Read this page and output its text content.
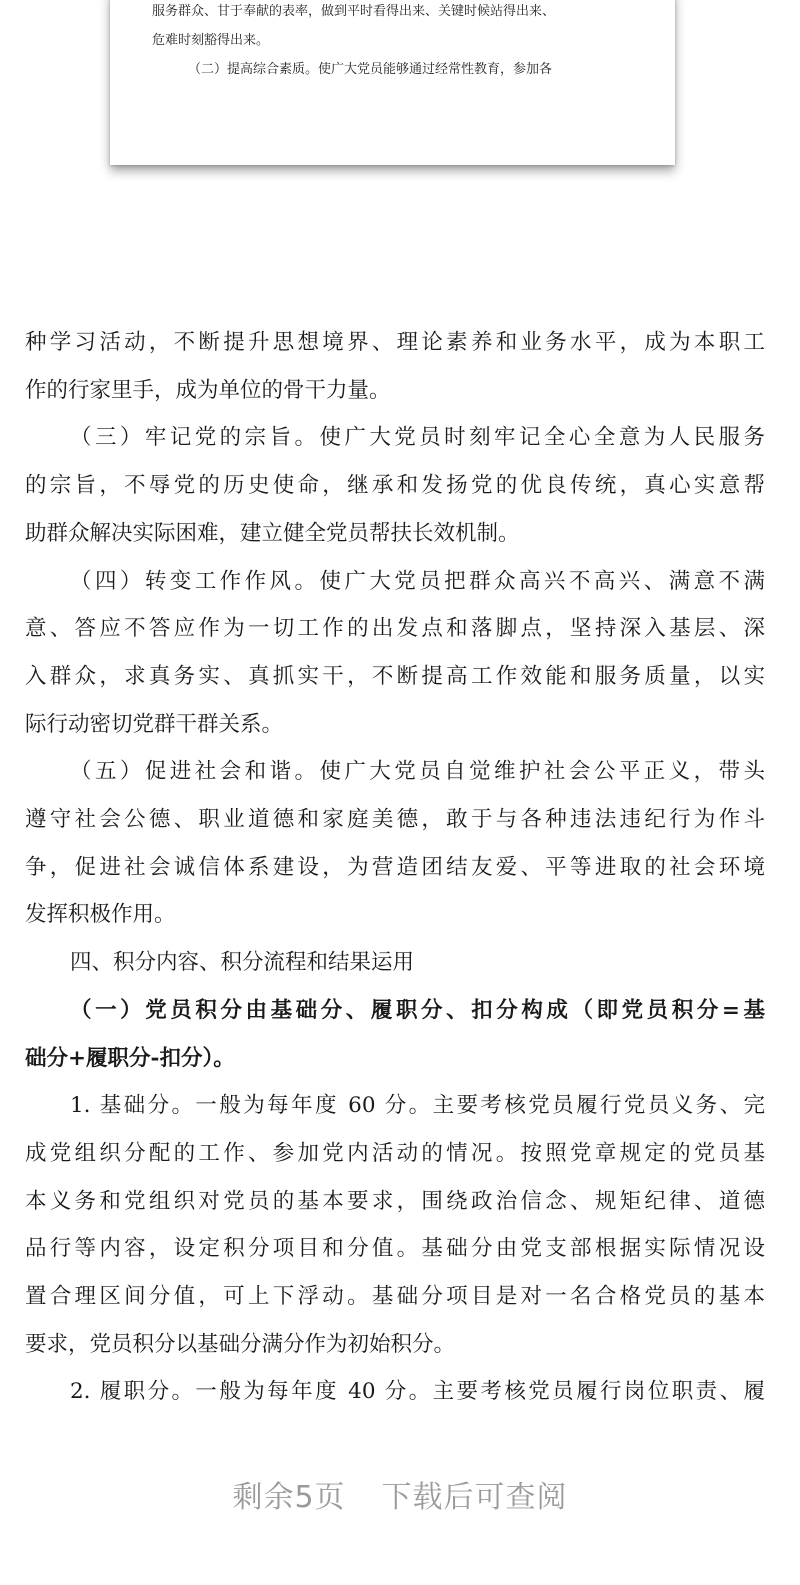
服务群众、甘于奉献的表率，做到平时看得出来、关键时候站得出来、
危难时刻豁得出来。
（二）提高综合素质。使广大党员能够通过经常性教育，参加各
种学习活动，不断提升思想境界、理论素养和业务水平，成为本职工
作的行家里手，成为单位的骨干力量。
（三）牢记党的宗旨。使广大党员时刻牢记全心全意为人民服务
的宗旨，不辱党的历史使命，继承和发扬党的优良传统，真心实意帮
助群众解决实际困难，建立健全党员帮扶长效机制。
（四）转变工作作风。使广大党员把群众高兴不高兴、满意不满
意、答应不答应作为一切工作的出发点和落脚点，坚持深入基层、深
入群众，求真务实、真抓实干，不断提高工作效能和服务质量，以实
际行动密切党群干群关系。
（五）促进社会和谐。使广大党员自觉维护社会公平正义，带头
遵守社会公德、职业道德和家庭美德，敢于与各种违法违纪行为作斗
争，促进社会诚信体系建设，为营造团结友爱、平等进取的社会环境
发挥积极作用。
四、积分内容、积分流程和结果运用
（一）党员积分由基础分、履职分、扣分构成（即党员积分=基
础分+履职分-扣分）。
1. 基础分。一般为每年度 60 分。主要考核党员履行党员义务、完
成党组织分配的工作、参加党内活动的情况。按照党章规定的党员基
本义务和党组织对党员的基本要求，围绕政治信念、规矩纪律、道德
品行等内容，设定积分项目和分值。基础分由党支部根据实际情况设
置合理区间分值，可上下浮动。基础分项目是对一名合格党员的基本
要求，党员积分以基础分满分作为初始积分。
2. 履职分。一般为每年度 40 分。主要考核党员履行岗位职责、履
剩余5页 下载后可查阅
